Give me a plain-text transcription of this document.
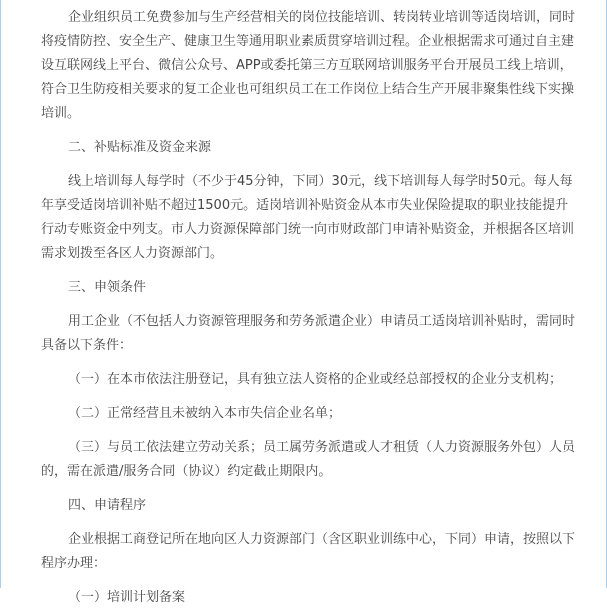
企业组织员工免费参加与生产经营相关的岗位技能培训、转岗转业培训等适岗培训，同时将疫情防控、安全生产、健康卫生等通用职业素质贯穿培训过程。企业根据需求可通过自主建设互联网线上平台、微信公众号、APP或委托第三方互联网培训服务平台开展员工线上培训，符合卫生防疫相关要求的复工企业也可组织员工在工作岗位上结合生产开展非聚集性线下实操培训。

二、补贴标准及资金来源

线上培训每人每学时（不少于45分钟，下同）30元，线下培训每人每学时50元。每人每年享受适岗培训补贴不超过1500元。适岗培训补贴资金从本市失业保险提取的职业技能提升行动专账资金中列支。市人力资源保障部门统一向市财政部门申请补贴资金，并根据各区培训需求划拨至各区人力资源部门。

三、申领条件

用工企业（不包括人力资源管理服务和劳务派遣企业）申请员工适岗培训补贴时，需同时具备以下条件：

（一）在本市依法注册登记，具有独立法人资格的企业或经总部授权的企业分支机构；

（二）正常经营且未被纳入本市失信企业名单；

（三）与员工依法建立劳动关系；员工属劳务派遣或人才租赁（人力资源服务外包）人员的，需在派遣/服务合同（协议）约定截止期限内。

四、申请程序

企业根据工商登记所在地向区人力资源部门（含区职业训练中心，下同）申请，按照以下程序办理：

（一）培训计划备案
